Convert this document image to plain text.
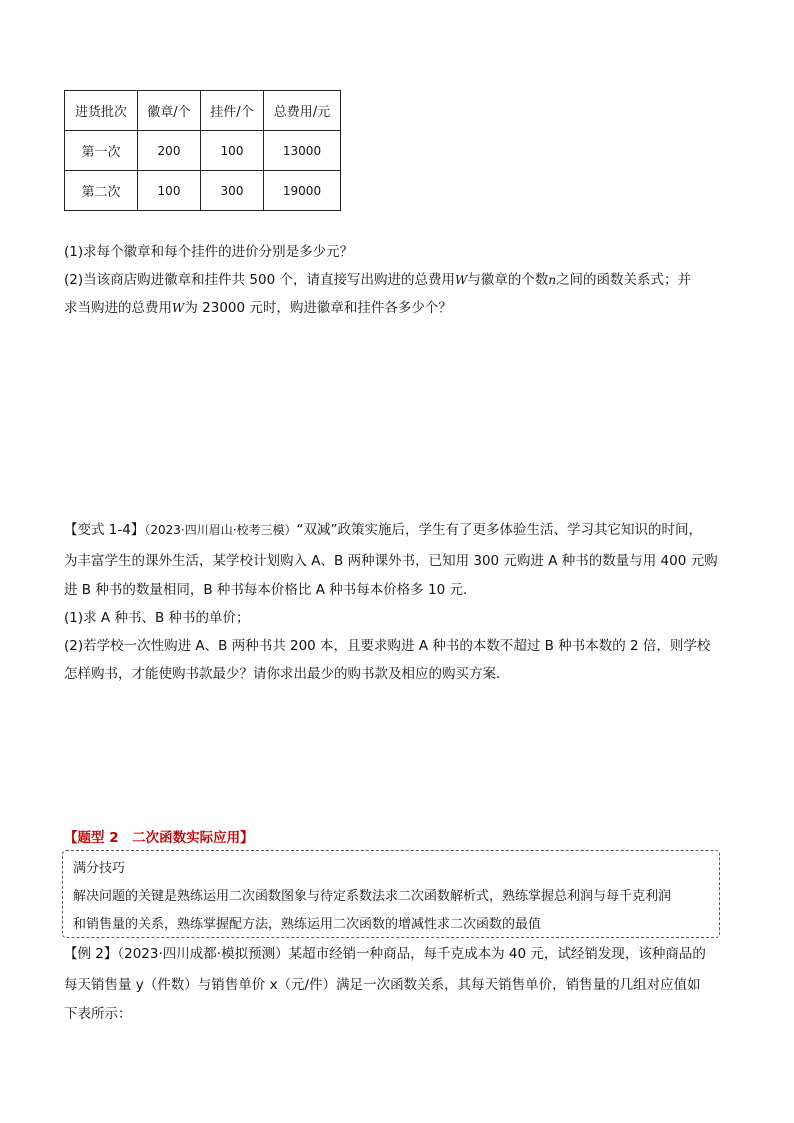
进货批次	徽章/个	挂件/个	总费用/元
第一次	200	100	13000
第二次	100	300	19000
(1)求每个徽章和每个挂件的进价分别是多少元？
(2)当该商店购进徽章和挂件共 500 个，请直接写出购进的总费用W与徽章的个数n之间的函数关系式；并
求当购进的总费用W为 23000 元时，购进徽章和挂件各多少个？
【变式 1-4】（2023·四川眉山·校考三模）“双减”政策实施后，学生有了更多体验生活、学习其它知识的时间，
为丰富学生的课外生活，某学校计划购入 A、B 两种课外书，已知用 300 元购进 A 种书的数量与用 400 元购
进 B 种书的数量相同，B 种书每本价格比 A 种书每本价格多 10 元．
(1)求 A 种书、B 种书的单价；
(2)若学校一次性购进 A、B 两种书共 200 本，且要求购进 A 种书的本数不超过 B 种书本数的 2 倍，则学校
怎样购书，才能使购书款最少？请你求出最少的购书款及相应的购买方案．
【题型 2　二次函数实际应用】
满分技巧
解决问题的关键是熟练运用二次函数图象与待定系数法求二次函数解析式，熟练掌握总利润与每千克利润
和销售量的关系，熟练掌握配方法，熟练运用二次函数的增减性求二次函数的最值
【例 2】（2023·四川成都·模拟预测）某超市经销一种商品，每千克成本为 40 元，试经销发现，该种商品的
每天销售量 y（件数）与销售单价 x（元/件）满足一次函数关系，其每天销售单价，销售量的几组对应值如
下表所示：
